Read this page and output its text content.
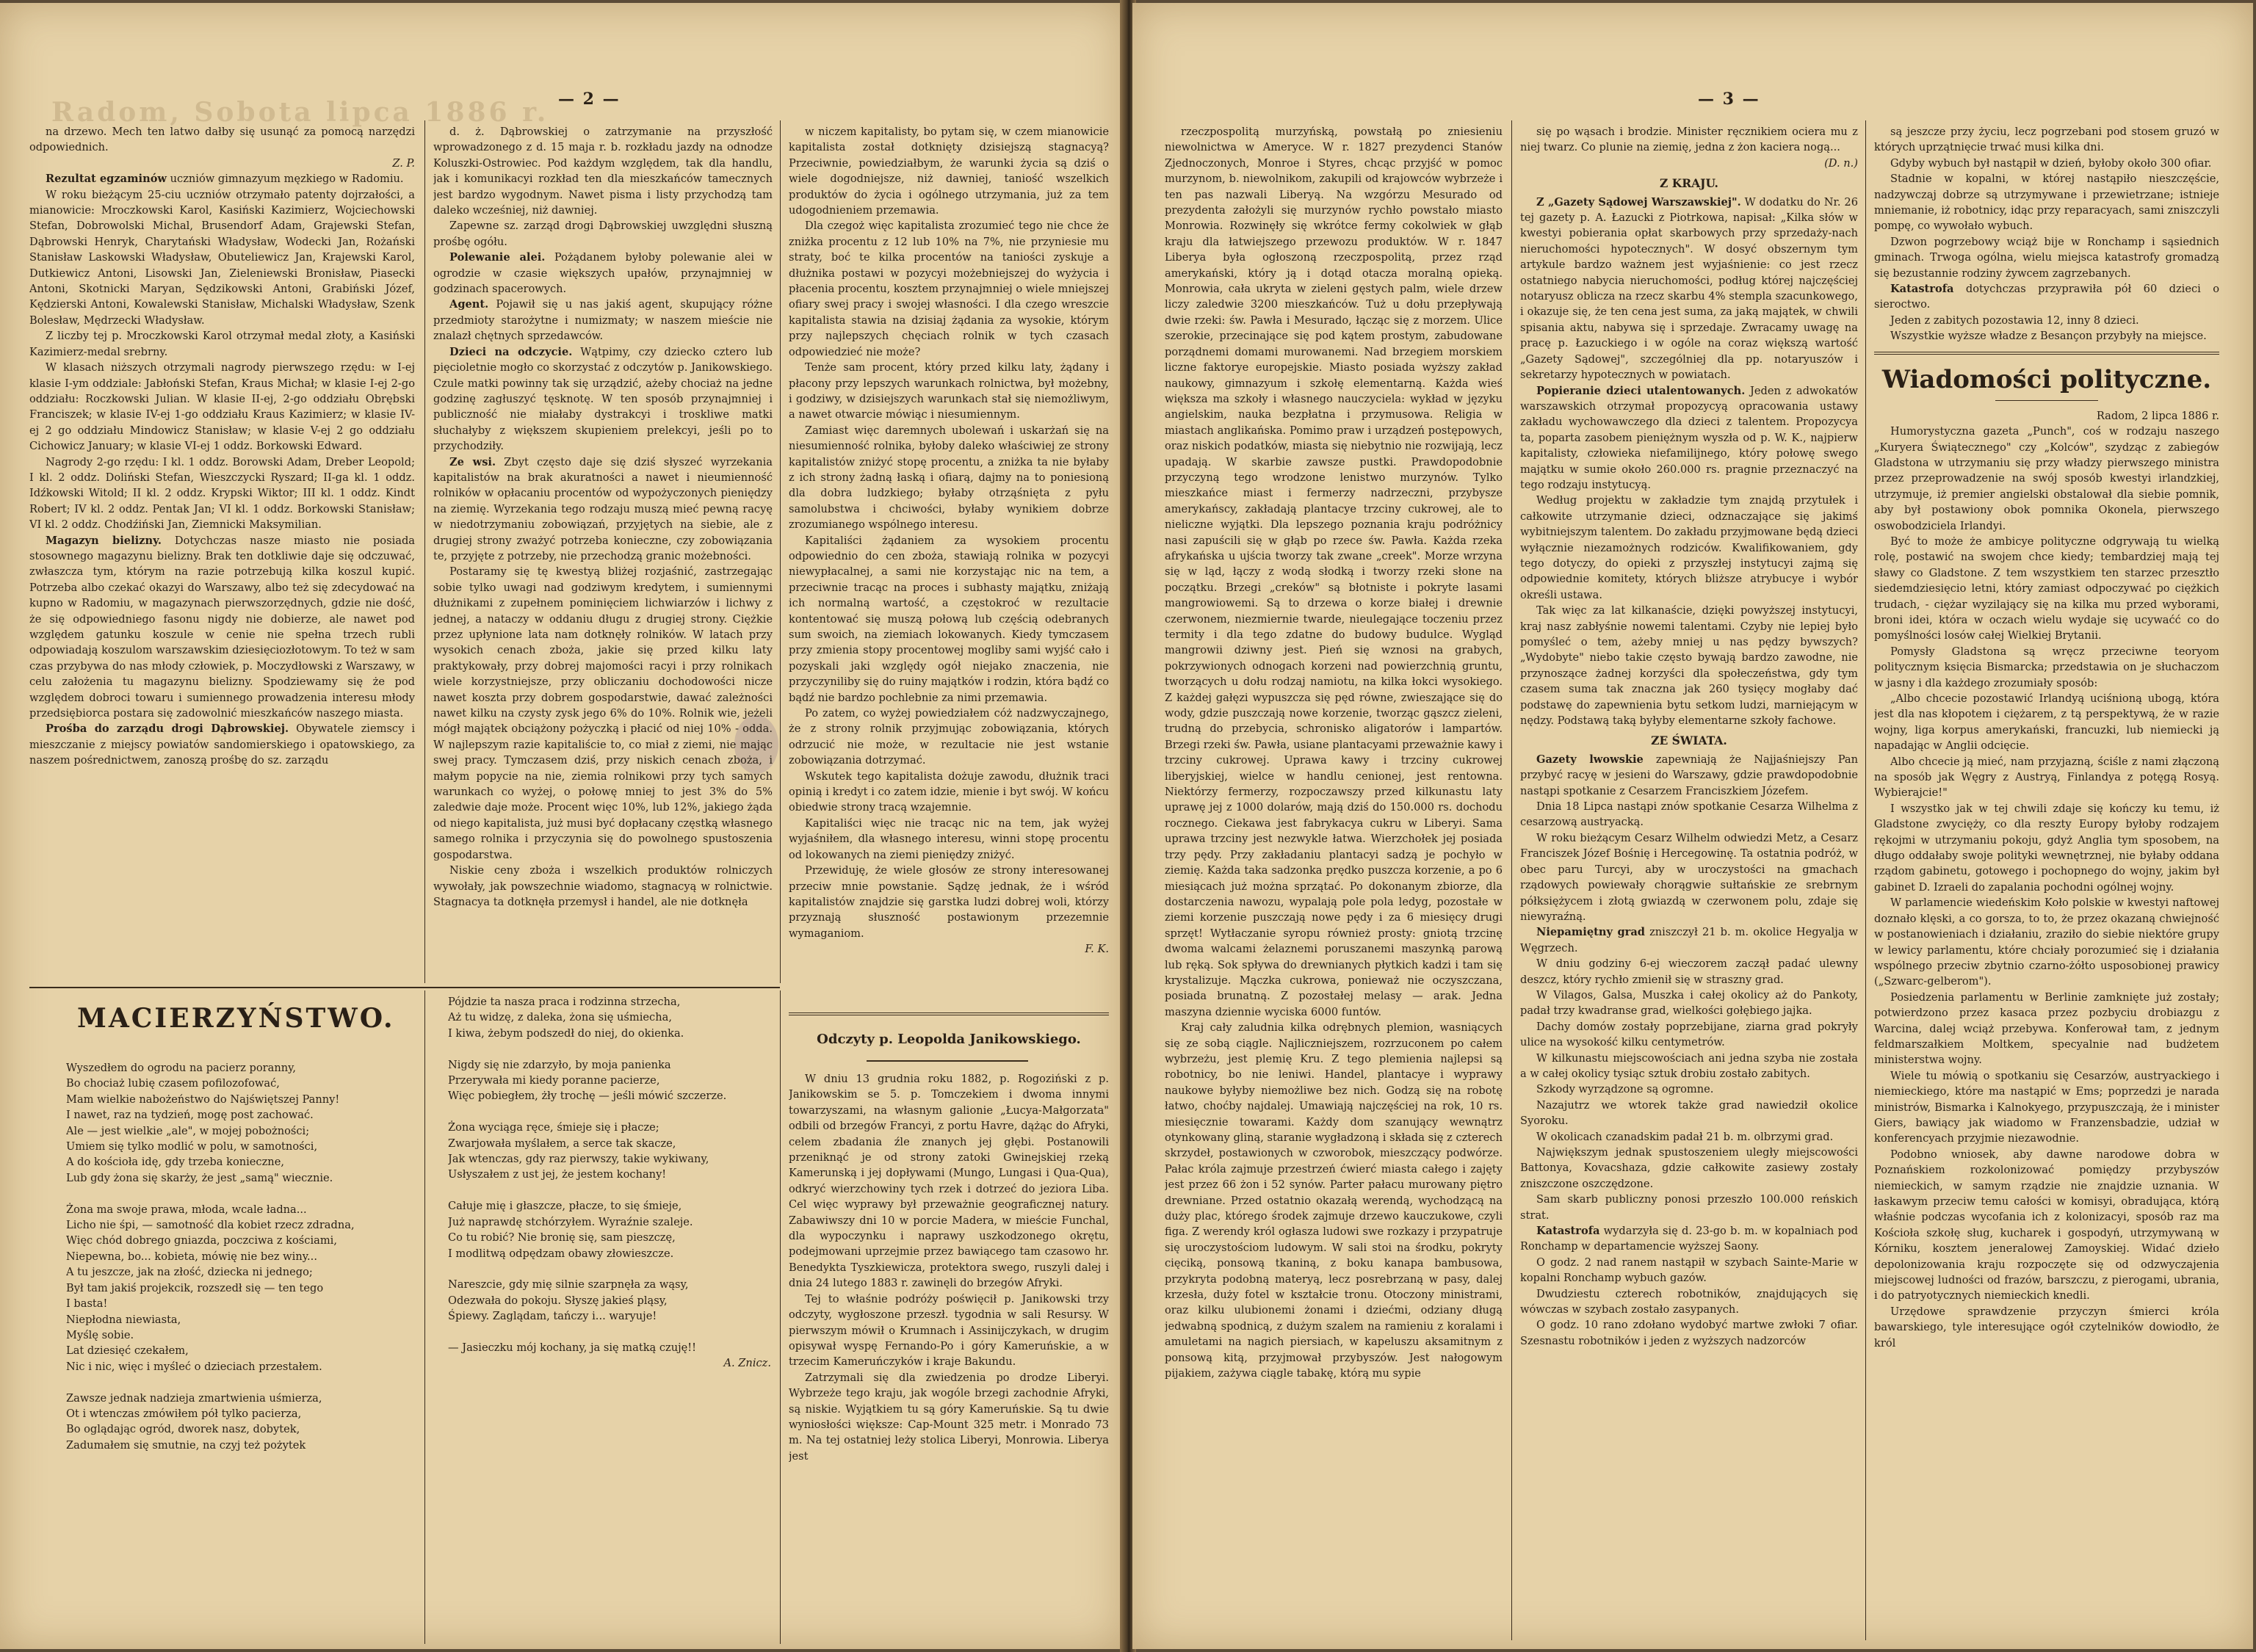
Radom, Sobota lipca 1886 r. — 2 —

na drzewo. Mech ten latwo dałby się usunąć za pomocą narzędzi odpowiednich.

Z. P.

Rezultat egzaminów uczniów gimnazyum męzkiego w Radomiu.

W roku bieżącym 25-ciu uczniów otrzymało patenty dojrzałości, a mianowicie: Mroczkowski Karol, Kasiński Kazimierz, Wojciechowski Stefan, Dobrowolski Michal, Brusendorf Adam, Grajewski Stefan, Dąbrowski Henryk, Charytański Władysław, Wodecki Jan, Rożański Stanisław Laskowski Władysław, Obuteliewicz Jan, Krajewski Karol, Dutkiewicz Antoni, Lisowski Jan, Zieleniewski Bronisław, Piasecki Antoni, Skotnicki Maryan, Sędzikowski Antoni, Grabiński Józef, Kędzierski Antoni, Kowalewski Stanisław, Michalski Władysław, Szenk Bolesław, Mędrzecki Władysław.

Z liczby tej p. Mroczkowski Karol otrzymał medal złoty, a Kasiński Kazimierz-medal srebrny.

W klasach niższych otrzymali nagrody pierwszego rzędu: w I-ej klasie I-ym oddziale: Jabłoński Stefan, Kraus Michał; w klasie I-ej 2-go oddziału: Roczkowski Julian. W klasie II-ej, 2-go oddziału Obrębski Franciszek; w klasie IV-ej 1-go oddziału Kraus Kazimierz; w klasie IV-ej 2 go oddziału Mindowicz Stanisław; w klasie V-ej 2 go oddziału Cichowicz January; w klasie VI-ej 1 oddz. Borkowski Edward.

Nagrody 2-go rzędu: I kl. 1 oddz. Borowski Adam, Dreber Leopold; I kl. 2 oddz. Doliński Stefan, Wieszczycki Ryszard; II-ga kl. 1 oddz. Idźkowski Witold; II kl. 2 oddz. Krypski Wiktor; III kl. 1 oddz. Kindt Robert; IV kl. 2 oddz. Pentak Jan; VI kl. 1 oddz. Borkowski Stanisław; VI kl. 2 oddz. Chodźiński Jan, Ziemnicki Maksymilian.

Magazyn bielizny. Dotychczas nasze miasto nie posiada stosownego magazynu bielizny. Brak ten dotkliwie daje się odczuwać, zwłaszcza tym, którym na razie potrzebują kilka koszul kupić. Potrzeba albo czekać okazyi do Warszawy, albo też się zdecydować na kupno w Radomiu, w magazynach pierwszorzędnych, gdzie nie dość, że się odpowiedniego fasonu nigdy nie dobierze, ale nawet pod względem gatunku koszule w cenie nie spełna trzech rubli odpowiadają koszulom warszawskim dziesięciozłotowym. To też w sam czas przybywa do nas młody człowiek, p. Moczydłowski z Warszawy, w celu założenia tu magazynu bielizny. Spodziewamy się że pod względem dobroci towaru i sumiennego prowadzenia interesu młody przedsiębiorca postara się zadowolnić mieszkańców naszego miasta.

Prośba do zarządu drogi Dąbrowskiej. Obywatele ziemscy i mieszczanie z miejscy powiatów sandomierskiego i opatowskiego, za naszem pośrednictwem, zanoszą prośbę do sz. zarządu

d. ż. Dąbrowskiej o zatrzymanie na przyszłość wprowadzonego z d. 15 maja r. b. rozkładu jazdy na odnodze Koluszki-Ostrowiec. Pod każdym względem, tak dla handlu, jak i komunikacyi rozkład ten dla mieszkańców tamecznych jest bardzo wygodnym. Nawet pisma i listy przychodzą tam daleko wcześniej, niż dawniej.

Zapewne sz. zarząd drogi Dąbrowskiej uwzględni słuszną prośbę ogółu.

Polewanie alei. Pożądanem byłoby polewanie alei w ogrodzie w czasie większych upałów, przynajmniej w godzinach spacerowych.

Agent. Pojawił się u nas jakiś agent, skupujący różne przedmioty starożytne i numizmaty; w naszem mieście nie znalazł chętnych sprzedawców.

Dzieci na odczycie. Wątpimy, czy dziecko cztero lub pięcioletnie mogło co skorzystać z odczytów p. Janikowskiego. Czule matki powinny tak się urządzić, ażeby chociaż na jedne godzinę zagłuszyć tęsknotę. W ten sposób przynajmniej i publiczność nie miałaby dystrakcyi i troskliwe matki słuchałyby z większem skupieniem prelekcyi, jeśli po to przychodziły.

Ze wsi. Zbyt często daje się dziś słyszeć wyrzekania kapitalistów na brak akuratności a nawet i nieumienność rolników w opłacaniu procentów od wypożyczonych pieniędzy na ziemię. Wyrzekania tego rodzaju muszą mieć pewną racyę w niedotrzymaniu zobowiązań, przyjętych na siebie, ale z drugiej strony zważyć potrzeba konieczne, czy zobowiązania te, przyjęte z potrzeby, nie przechodzą granic możebności.

Postaramy się tę kwestyą bliżej rozjaśnić, zastrzegając sobie tylko uwagi nad godziwym kredytem, i sumiennymi dłużnikami z zupełnem pominięciem lichwiarzów i lichwy z jednej, a nataczy w oddaniu długu z drugiej strony. Ciężkie przez upłynione lata nam dotknęły rolników. W latach przy wysokich cenach zboża, jakie się przed kilku laty praktykowały, przy dobrej majomości racyi i przy rolnikach wiele korzystniejsze, przy obliczaniu dochodowości nicze nawet koszta przy dobrem gospodarstwie, dawać zależności nawet kilku na czysty zysk jego 6% do 10%. Rolnik wie, jeżeli mógł majątek obciążony pożyczką i płacić od niej 10% - odda. W najlepszym razie kapitaliście to, co miał z ziemi, nie mając swej pracy. Tymczasem dziś, przy niskich cenach zboża, i małym popycie na nie, ziemia rolnikowi przy tych samych warunkach co wyżej, o połowę mniej to jest 3% do 5% zaledwie daje może. Procent więc 10%, lub 12%, jakiego żąda od niego kapitalista, już musi być dopłacany częstką własnego samego rolnika i przyczynia się do powolnego spustoszenia gospodarstwa.

Niskie ceny zboża i wszelkich produktów rolniczych wywołały, jak powszechnie wiadomo, stagnacyą w rolnictwie. Stagnacya ta dotknęła przemysł i handel, ale nie dotknęła

w niczem kapitalisty, bo pytam się, w czem mianowicie kapitalista został dotknięty dzisiejszą stagnacyą? Przeciwnie, powiedziałbym, że warunki życia są dziś o wiele dogodniejsze, niż dawniej, taniość wszelkich produktów do życia i ogólnego utrzymania, już za tem udogodnieniem przemawia.

Dla czegoż więc kapitalista zrozumieć tego nie chce że zniżka procentu z 12 lub 10% na 7%, nie przyniesie mu straty, boć te kilka procentów na taniości zyskuje a dłużnika postawi w pozycyi możebniejszej do wyżycia i płacenia procentu, kosztem przynajmniej o wiele mniejszej ofiary swej pracy i swojej własności. I dla czego wreszcie kapitalista stawia na dzisiaj żądania za wysokie, którym przy najlepszych chęciach rolnik w tych czasach odpowiedzieć nie może?

Tenże sam procent, który przed kilku laty, żądany i płacony przy lepszych warunkach rolnictwa, był możebny, i godziwy, w dzisiejszych warunkach stał się niemożliwym, a nawet otwarcie mówiąc i niesumiennym.

Zamiast więc daremnych ubolewań i uskarżań się na niesumienność rolnika, byłoby daleko właściwiej ze strony kapitalistów zniżyć stopę procentu, a zniżka ta nie byłaby z ich strony żadną łaską i ofiarą, dajmy na to poniesioną dla dobra ludzkiego; byłaby otrząśnięta z pyłu samolubstwa i chciwości, byłaby wynikiem dobrze zrozumianego wspólnego interesu.

Kapitaliści żądaniem za wysokiem procentu odpowiednio do cen zboża, stawiają rolnika w pozycyi niewypłacalnej, a sami nie korzystając nic na tem, a przeciwnie tracąc na proces i subhasty majątku, zniżają ich normalną wartość, a częstokroć w rezultacie kontentować się muszą połową lub częścią odebranych sum swoich, na ziemiach lokowanych. Kiedy tymczasem przy zmienia stopy procentowej mogliby sami wyjść cało i pozyskali jaki względy ogół niejako znaczenia, nie przyczyniliby się do ruiny majątków i rodzin, która bądź co bądź nie bardzo pochlebnie za nimi przemawia.

Po zatem, co wyżej powiedziałem cóż nadzwyczajnego, że z strony rolnik przyjmując zobowiązania, których odrzucić nie może, w rezultacie nie jest wstanie zobowiązania dotrzymać.

Wskutek tego kapitalista dożuje zawodu, dłużnik traci opinią i kredyt i co zatem idzie, mienie i byt swój. W końcu obiedwie strony tracą wzajemnie.

Kapitaliści więc nie tracąc nic na tem, jak wyżej wyjaśniłem, dla własnego interesu, winni stopę procentu od lokowanych na ziemi pieniędzy zniżyć.

Przewiduję, że wiele głosów ze strony interesowanej przeciw mnie powstanie. Sądzę jednak, że i wśród kapitalistów znajdzie się garstka ludzi dobrej woli, którzy przyznają słuszność postawionym przezemnie wymaganiom.

F. K.

MACIERZYŃSTWO.

Wyszedłem do ogrodu na pacierz poranny,

Bo chociaż lubię czasem pofilozofować,

Mam wielkie nabożeństwo do Najświętszej Panny!

I nawet, raz na tydzień, mogę post zachować.

Ale — jest wielkie „ale", w mojej pobożności;

Umiem się tylko modlić w polu, w samotności,

A do kościoła idę, gdy trzeba konieczne,

Lub gdy żona się skarży, że jest „samą" wiecznie.

Żona ma swoje prawa, młoda, wcale ładna...

Licho nie śpi, — samotność dla kobiet rzecz zdradna,

Więc chód dobrego gniazda, poczciwa z kościami,

Niepewna, bo... kobieta, mówię nie bez winy...

A tu jeszcze, jak na złość, dziecka ni jednego;

Był tam jakiś projekcik, rozszedł się — ten tego

I basta!

Niepłodna niewiasta,

Myślę sobie.

Lat dziesięć czekałem,

Nic i nic, więc i myśleć o dzieciach przestałem.

Zawsze jednak nadzieja zmartwienia uśmierza,

Ot i wtenczas zmówiłem pół tylko pacierza,

Bo oglądając ogród, dworek nasz, dobytek,

Zadumałem się smutnie, na czyj też pożytek

Pójdzie ta nasza praca i rodzinna strzecha,

Aż tu widzę, z daleka, żona się uśmiecha,

I kiwa, żebym podszedł do niej, do okienka.

Nigdy się nie zdarzyło, by moja panienka

Przerywała mi kiedy poranne pacierze,

Więc pobiegłem, żły trochę — jeśli mówić szczerze.

Żona wyciąga ręce, śmieje się i płacze;

Zwarjowała myślałem, a serce tak skacze,

Jak wtenczas, gdy raz pierwszy, takie wykiwany,

Usłyszałem z ust jej, że jestem kochany!

Całuje mię i głaszcze, płacze, to się śmieje,

Już naprawdę stchórzyłem. Wyraźnie szaleje.

Co tu robić? Nie bronię się, sam pieszczę,

I modlitwą odpędzam obawy złowieszcze.

Nareszcie, gdy mię silnie szarpnęła za wąsy,

Odezwała do pokoju. Słyszę jakieś pląsy,

Śpiewy. Zaglądam, tańczy i... waryuje!

— Jasieczku mój kochany, ja się matką czuję!!

A. Znicz.

Odczyty p. Leopolda Janikowskiego.

W dniu 13 grudnia roku 1882, p. Rogoziński z p. Janikowskim se 5. p. Tomczekiem i dwoma innymi towarzyszami, na własnym galionie „Łucya-Małgorzata" odbili od brzegów Francyi, z portu Havre, dążąc do Afryki, celem zbadania źle znanych jej głębi. Postanowili przeniknąć je od strony zatoki Gwinejskiej rzeką Kamerunską i jej dopływami (Mungo, Lungasi i Qua-Qua), odkryć wierzchowiny tych rzek i dotrzeć do jeziora Liba. Cel więc wyprawy był przeważnie geograficznej natury. Zabawiwszy dni 10 w porcie Madera, w mieście Funchal, dla wypoczynku i naprawy uszkodzonego okrętu, podejmowani uprzejmie przez bawiącego tam czasowo hr. Benedykta Tyszkiewicza, protektora swego, ruszyli dalej i dnia 24 lutego 1883 r. zawinęli do brzegów Afryki.

Tej to właśnie podróży poświęcił p. Janikowski trzy odczyty, wygłoszone przeszł. tygodnia w sali Resursy. W pierwszym mówił o Krumnach i Assinijczykach, w drugim opisywał wyspę Fernando-Po i góry Kameruńskie, a w trzecim Kameruńczyków i kraje Bakundu.

Zatrzymali się dla zwiedzenia po drodze Liberyi. Wybrzeże tego kraju, jak wogóle brzegi zachodnie Afryki, są niskie. Wyjątkiem tu są góry Kameruńskie. Są tu dwie wyniosłości większe: Cap-Mount 325 metr. i Monrado 73 m. Na tej ostatniej leży stolica Liberyi, Monrowia. Liberya jest

— 3 —

rzeczpospolitą murzyńską, powstałą po zniesieniu niewolnictwa w Ameryce. W r. 1827 prezydenci Stanów Zjednoczonych, Monroe i Styres, chcąc przyjść w pomoc murzynom, b. niewolnikom, zakupili od krajowców wybrzeże i ten pas nazwali Liberyą. Na wzgórzu Mesurado od prezydenta założyli się murzynów rychło powstało miasto Monrowia. Rozwinęły się wkrótce fermy cokolwiek w głąb kraju dla łatwiejszego przewozu produktów. W r. 1847 Liberya była ogłoszoną rzeczpospolitą, przez rząd amerykański, który ją i dotąd otacza moralną opieką. Monrowia, cała ukryta w zieleni gęstych palm, wiele drzew liczy zaledwie 3200 mieszkańców. Tuż u dołu przepływają dwie rzeki: św. Pawła i Mesurado, łącząc się z morzem. Ulice szerokie, przecinające się pod kątem prostym, zabudowane porządnemi domami murowanemi. Nad brzegiem morskiem liczne faktorye europejskie. Miasto posiada wyższy zakład naukowy, gimnazyum i szkołę elementarną. Każda wieś większa ma szkoły i własnego nauczyciela: wykład w języku angielskim, nauka bezpłatna i przymusowa. Religia w miastach anglikańska. Pomimo praw i urządzeń postępowych, oraz niskich podatków, miasta się niebytnio nie rozwijają, lecz upadają. W skarbie zawsze pustki. Prawdopodobnie przyczyną tego wrodzone lenistwo murzynów. Tylko mieszkańce miast i fermerzy nadrzeczni, przybysze amerykańscy, zakładają plantacye trzciny cukrowej, ale to nieliczne wyjątki. Dla lepszego poznania kraju podróżnicy nasi zapuścili się w głąb po rzece św. Pawła. Każda rzeka afrykańska u ujścia tworzy tak zwane „creek". Morze wrzyna się w ląd, łączy z wodą słodką i tworzy rzeki słone na początku. Brzegi „creków" są błotniste i pokryte lasami mangrowiowemi. Są to drzewa o korze białej i drewnie czerwonem, niezmiernie twarde, nieulegające toczeniu przez termity i dla tego zdatne do budowy budulce. Wygląd mangrowii dziwny jest. Pień się wznosi na grabych, pokrzywionych odnogach korzeni nad powierzchnią gruntu, tworzących u dołu rodzaj namiotu, na kilka łokci wysokiego. Z każdej gałęzi wypuszcza się pęd równe, zwieszające się do wody, gdzie puszczają nowe korzenie, tworząc gąszcz zieleni, trudną do przebycia, schronisko aligatorów i lampartów. Brzegi rzeki św. Pawła, usiane plantacyami przeważnie kawy i trzciny cukrowej. Uprawa kawy i trzciny cukrowej liberyjskiej, wielce w handlu cenionej, jest rentowna. Niektórzy fermerzy, rozpoczawszy przed kilkunastu laty uprawę jej z 1000 dolarów, mają dziś do 150.000 rs. dochodu rocznego. Ciekawa jest fabrykacya cukru w Liberyi. Sama uprawa trzciny jest nezwykle łatwa. Wierzchołek jej posiada trzy pędy. Przy zakładaniu plantacyi sadzą je pochyło w ziemię. Każda taka sadzonka prędko puszcza korzenie, a po 6 miesiącach już można sprzątać. Po dokonanym zbiorze, dla dostarczenia nawozu, wypalają pole pola ledyg, pozostałe w ziemi korzenie puszczają nowe pędy i za 6 miesięcy drugi sprzęt! Wytłaczanie syropu również prosty: gniotą trzcinę dwoma walcami żelaznemi poruszanemi maszynką parową lub ręką. Sok spływa do drewnianych płytkich kadzi i tam się krystalizuje. Mączka cukrowa, ponieważ nie oczyszczana, posiada brunatną. Z pozostałej melasy — arak. Jedna maszyna dziennie wyciska 6000 funtów.

Kraj cały zaludnia kilka odrębnych plemion, wasniących się ze sobą ciągle. Najliczniejszem, rozrzuconem po całem wybrzeżu, jest plemię Kru. Z tego plemienia najlepsi są robotnicy, bo nie leniwi. Handel, plantacye i wyprawy naukowe byłyby niemożliwe bez nich. Godzą się na robotę łatwo, choćby najdalej. Umawiają najczęściej na rok, 10 rs. miesięcznie towarami. Każdy dom szanujący wewnątrz otynkowany gliną, staranie wygładzoną i składa się z czterech skrzydeł, postawionych w czworobok, mieszczący podwórze. Pałac króla zajmuje przestrzeń ćwierć miasta całego i zajęty jest przez 66 żon i 52 synów. Parter pałacu murowany piętro drewniane. Przed ostatnio okazałą werendą, wychodzącą na duży plac, którego środek zajmuje drzewo kauczukowe, czyli figa. Z werendy król ogłasza ludowi swe rozkazy i przypatruje się uroczystościom ludowym. W sali stoi na środku, pokryty cięciką, ponsową tkaniną, z boku kanapa bambusowa, przykryta podobną materyą, lecz posrebrzaną w pasy, dalej krzesła, duży fotel w kształcie tronu. Otoczony ministrami, oraz kilku ulubionemi żonami i dziećmi, odziany długą jedwabną spodnicą, z dużym szalem na ramieniu z koralami i amuletami na nagich piersiach, w kapeluszu aksamitnym z ponsową kitą, przyjmował przybyszów. Jest nałogowym pijakiem, zażywa ciągle tabakę, którą mu sypie

się po wąsach i brodzie. Minister ręcznikiem ociera mu z niej twarz. Co plunie na ziemię, jedna z żon kaciera nogą...

(D. n.)

Z KRAJU.

Z „Gazety Sądowej Warszawskiej". W dodatku do Nr. 26 tej gazety p. A. Łazucki z Piotrkowa, napisał: „Kilka słów w kwestyi pobierania opłat skarbowych przy sprzedaży-nach nieruchomości hypotecznych". W dosyć obszernym tym artykule bardzo ważnem jest wyjaśnienie: co jest rzecz ostatniego nabycia nieruchomości, podług której najczęściej notaryusz oblicza na rzecz skarbu 4% stempla szacunkowego, i okazuje się, że ten cena jest suma, za jaką majątek, w chwili spisania aktu, nabywa się i sprzedaje. Zwracamy uwagę na pracę p. Łazuckiego i w ogóle na coraz większą wartość „Gazety Sądowej", szczególniej dla pp. notaryuszów i sekretarzy hypotecznych w powiatach.

Popieranie dzieci utalentowanych. Jeden z adwokatów warszawskich otrzymał propozycyą opracowania ustawy zakładu wychowawczego dla dzieci z talentem. Propozycya ta, poparta zasobem pieniężnym wyszła od p. W. K., najpierw kapitalisty, człowieka niefamilijnego, który połowę swego majątku w sumie około 260.000 rs. pragnie przeznaczyć na tego rodzaju instytucyą.

Według projektu w zakładzie tym znajdą przytułek i całkowite utrzymanie dzieci, odznaczające się jakimś wybitniejszym talentem. Do zakładu przyjmowane będą dzieci wyłącznie niezamożnych rodziców. Kwalifikowaniem, gdy tego dotyczy, do opieki z przyszłej instytucyi zajmą się odpowiednie komitety, których bliższe atrybucye i wybór określi ustawa.

Tak więc za lat kilkanaście, dzięki powyższej instytucyi, kraj nasz zabłyśnie nowemi talentami. Czyby nie lepiej było pomyśleć o tem, ażeby mniej u nas pędzy bywszych? „Wydobyte" niebo takie często bywają bardzo zawodne, nie przynoszące żadnej korzyści dla społeczeństwa, gdy tym czasem suma tak znaczna jak 260 tysięcy mogłaby dać podstawę do zapewnienia bytu setkom ludzi, marniejącym w nędzy. Podstawą taką byłyby elementarne szkoły fachowe.

ZE ŚWIATA.

Gazety lwowskie zapewniają że Najjaśniejszy Pan przybyć racyę w jesieni do Warszawy, gdzie prawdopodobnie nastąpi spotkanie z Cesarzem Franciszkiem Józefem.

Dnia 18 Lipca nastąpi znów spotkanie Cesarza Wilhelma z cesarzową austryacką.

W roku bieżącym Cesarz Wilhelm odwiedzi Metz, a Cesarz Franciszek Józef Bośnię i Hercegowinę. Ta ostatnia podróż, w obec paru Turcyi, aby w uroczystości na gmachach rządowych powiewały chorągwie sułtańskie ze srebrnym półksiężycem i złotą gwiazdą w czerwonem polu, zdaje się niewyraźną.

Niepamiętny grad zniszczył 21 b. m. okolice Hegyalja w Węgrzech.

W dniu godziny 6-ej wieczorem zaczął padać ulewny deszcz, który rychło zmienił się w straszny grad.

W Vilagos, Galsa, Muszka i całej okolicy aż do Pankoty, padał trzy kwadranse grad, wielkości gołębiego jajka.

Dachy domów zostały poprzebijane, ziarna grad pokryły ulice na wysokość kilku centymetrów.

W kilkunastu miejscowościach ani jedna szyba nie została a w całej okolicy tysiąc sztuk drobiu zostało zabitych.

Szkody wyrządzone są ogromne.

Nazajutrz we wtorek także grad nawiedził okolice Syoroku.

W okolicach czanadskim padał 21 b. m. olbrzymi grad.

Największym jednak spustoszeniem uległy miejscowości Battonya, Kovacshaza, gdzie całkowite zasiewy zostały zniszczone oszczędzone.

Sam skarb publiczny ponosi przeszło 100.000 reńskich strat.

Katastrofa wydarzyła się d. 23-go b. m. w kopalniach pod Ronchamp w departamencie wyższej Saony.

O godz. 2 nad ranem nastąpił w szybach Sainte-Marie w kopalni Ronchamp wybuch gazów.

Dwudziestu czterech robotników, znajdujących się wówczas w szybach zostało zasypanych.

O godz. 10 rano zdołano wydobyć martwe zwłoki 7 ofiar. Szesnastu robotników i jeden z wyższych nadzorców

są jeszcze przy życiu, lecz pogrzebani pod stosem gruzó w których uprzątnięcie trwać musi kilka dni.

Gdyby wybuch był nastąpił w dzień, byłoby około 300 ofiar.

Stadnie w kopalni, w której nastąpiło nieszczęście, nadzywczaj dobrze są utrzymywane i przewietrzane; istnieje mniemanie, iż robotnicy, idąc przy reparacyach, sami zniszczyli pompę, co wywołało wybuch.

Dzwon pogrzebowy wciąż bije w Ronchamp i sąsiednich gminach. Trwoga ogólna, wielu miejsca katastrofy gromadzą się bezustannie rodziny żywcem zagrzebanych.

Katastrofa dotychczas przyprawiła pół 60 dzieci o sieroctwo.

Jeden z zabitych pozostawia 12, inny 8 dzieci.

Wszystkie wyższe władze z Besançon przybyły na miejsce.

Wiadomości polityczne.

Radom, 2 lipca 1886 r.

Humorystyczna gazeta „Punch", coś w rodzaju naszego „Kuryera Świątecznego" czy „Kolców", szydząc z zabiegów Gladstona w utrzymaniu się przy władzy pierwszego ministra przez przeprowadzenie na swój sposób kwestyi irlandzkiej, utrzymuje, iż premier angielski obstalował dla siebie pomnik, aby był postawiony obok pomnika Okonela, pierwszego oswobodziciela Irlandyi.

Być to może że ambicye polityczne odgrywają tu wielką rolę, postawić na swojem chce kiedy; tembardziej mają tej sławy co Gladstone. Z tem wszystkiem ten starzec przesztło siedemdziesięcio letni, który zamiast odpoczywać po ciężkich trudach, - ciężar wyzilający się na kilka mu przed wyborami, broni idei, która w oczach wielu wydaje się ucywaćć co do pomyślności losów całej Wielkiej Brytanii.

Pomysły Gladstona są wręcz przeciwne teoryom politycznym księcia Bismarcka; przedstawia on je słuchaczom w jasny i dla każdego zrozumiały sposób:

„Albo chcecie pozostawić Irlandyą uciśnioną ubogą, która jest dla nas kłopotem i ciężarem, z tą perspektywą, że w razie wojny, liga korpus amerykański, francuzki, lub niemiecki ją napadając w Anglii odcięcie.

Albo chcecie ją mieć, nam przyjazną, ściśle z nami złączoną na sposób jak Węgry z Austryą, Finlandya z potęgą Rosyą. Wybierajcie!"

I wszystko jak w tej chwili zdaje się kończy ku temu, iż Gladstone zwycięży, co dla reszty Europy byłoby rodzajem rękojmi w utrzymaniu pokoju, gdyż Anglia tym sposobem, na długo oddałaby swoje polityki wewnętrznej, nie byłaby oddana rządom gabinetu, gotowego i pochopnego do wojny, jakim był gabinet D. Izraeli do zapalania pochodni ogólnej wojny.

W parlamencie wiedeńskim Koło polskie w kwestyi naftowej doznało klęski, a co gorsza, to to, że przez okazaną chwiejność w postanowieniach i działaniu, zraziło do siebie niektóre grupy w lewicy parlamentu, które chciały porozumieć się i działania wspólnego przeciw zbytnio czarno-żółto usposobionej prawicy („Szwarc-gelberom").

Posiedzenia parlamentu w Berlinie zamknięte już zostały; potwierdzono przez kasaca przez pozbyciu drobiazgu z Warcina, dalej wciąż przebywa. Konferował tam, z jednym feldmarszałkiem Moltkem, specyalnie nad budżetem ministerstwa wojny.

Wiele tu mówią o spotkaniu się Cesarzów, austryackiego i niemieckiego, które ma nastąpić w Ems; poprzedzi je narada ministrów, Bismarka i Kalnokyego, przypuszczają, że i minister Giers, bawiący jak wiadomo w Franzensbadzie, udział w konferencyach przyjmie niezawodnie.

Podobno wniosek, aby dawne narodowe dobra w Poznańskiem rozkolonizować pomiędzy przybyszów niemieckich, w samym rządzie nie znajdzie uznania. W łaskawym przeciw temu całości w komisyi, obradująca, którą właśnie podczas wycofania ich z kolonizacyi, sposób raz ma Kościoła szkołę sług, kucharek i gospodyń, utrzymywaną w Kórniku, kosztem jeneralowej Zamoyskiej. Widać dzieło depolonizowania kraju rozpoczęte się od odzwyczajenia miejscowej ludności od frazów, barszczu, z pierogami, ubrania, i do patryotycznych niemieckich knedli.

Urzędowe sprawdzenie przyczyn śmierci króla bawarskiego, tyle interesujące ogół czytelników dowiodło, że król
